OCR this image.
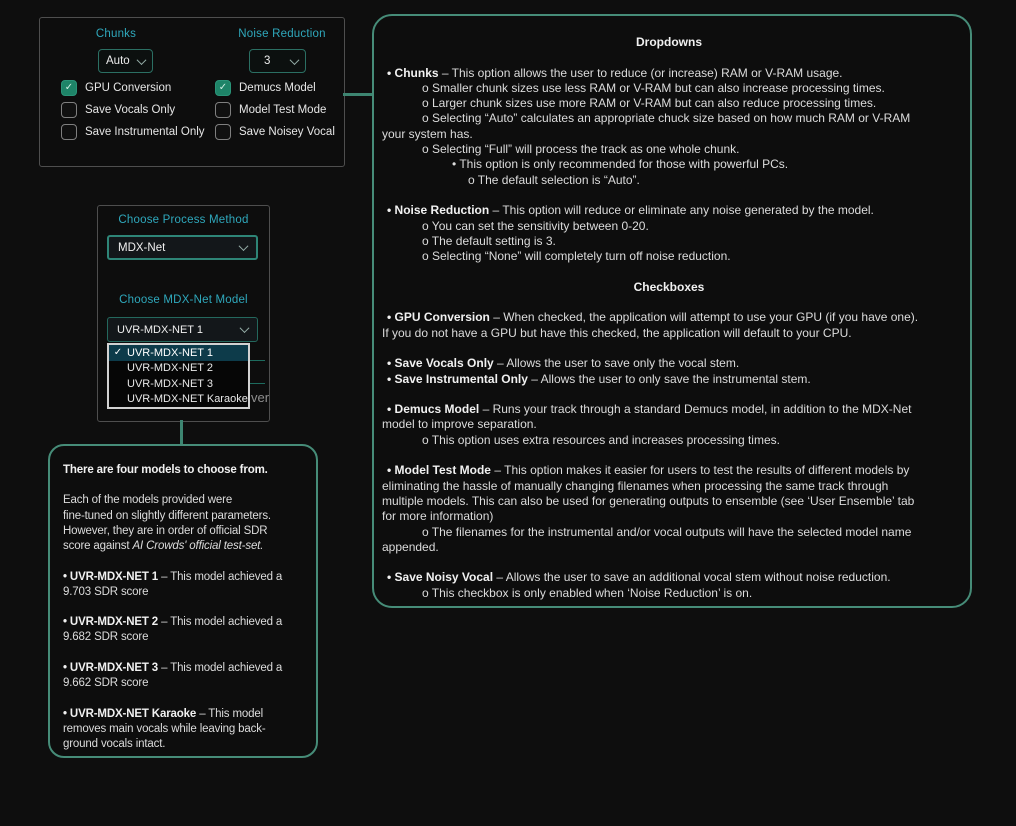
Chunks	Noise Reduction
Auto	3
✓	GPU Conversion	✓	Demucs Model
Save Vocals Only	Model Test Mode
Save Instrumental Only	Save Noisey Vocal
Choose Process Method
MDX-Net
Choose MDX-Net Model
UVR-MDX-NET 1
ver
✓ UVR-MDX-NET 1
UVR-MDX-NET 2
UVR-MDX-NET 3
UVR-MDX-NET Karaoke
There are four models to choose from.
Each of the models provided were
fine-tuned on slightly different parameters.
However, they are in order of official SDR
score against AI Crowds' official test-set.
• UVR-MDX-NET 1 – This model achieved a
9.703 SDR score
• UVR-MDX-NET 2 – This model achieved a
9.682 SDR score
• UVR-MDX-NET 3 – This model achieved a
9.662 SDR score
• UVR-MDX-NET Karaoke – This model
removes main vocals while leaving back-
ground vocals intact.
Dropdowns
• Chunks – This option allows the user to reduce (or increase) RAM or V-RAM usage.
o Smaller chunk sizes use less RAM or V-RAM but can also increase processing times.
o Larger chunk sizes use more RAM or V-RAM but can also reduce processing times.
o Selecting “Auto” calculates an appropriate chuck size based on how much RAM or V-RAM
your system has.
o Selecting “Full” will process the track as one whole chunk.
• This option is only recommended for those with powerful PCs.
o The default selection is “Auto”.
• Noise Reduction – This option will reduce or eliminate any noise generated by the model.
o You can set the sensitivity between 0-20.
o The default setting is 3.
o Selecting “None” will completely turn off noise reduction.
Checkboxes
• GPU Conversion – When checked, the application will attempt to use your GPU (if you have one).
If you do not have a GPU but have this checked, the application will default to your CPU.
• Save Vocals Only – Allows the user to save only the vocal stem.
• Save Instrumental Only – Allows the user to only save the instrumental stem.
• Demucs Model – Runs your track through a standard Demucs model, in addition to the MDX-Net
model to improve separation.
o This option uses extra resources and increases processing times.
• Model Test Mode – This option makes it easier for users to test the results of different models by
eliminating the hassle of manually changing filenames when processing the same track through
multiple models. This can also be used for generating outputs to ensemble (see ‘User Ensemble’ tab
for more information)
o The filenames for the instrumental and/or vocal outputs will have the selected model name
appended.
• Save Noisy Vocal – Allows the user to save an additional vocal stem without noise reduction.
o This checkbox is only enabled when ‘Noise Reduction’ is on.
